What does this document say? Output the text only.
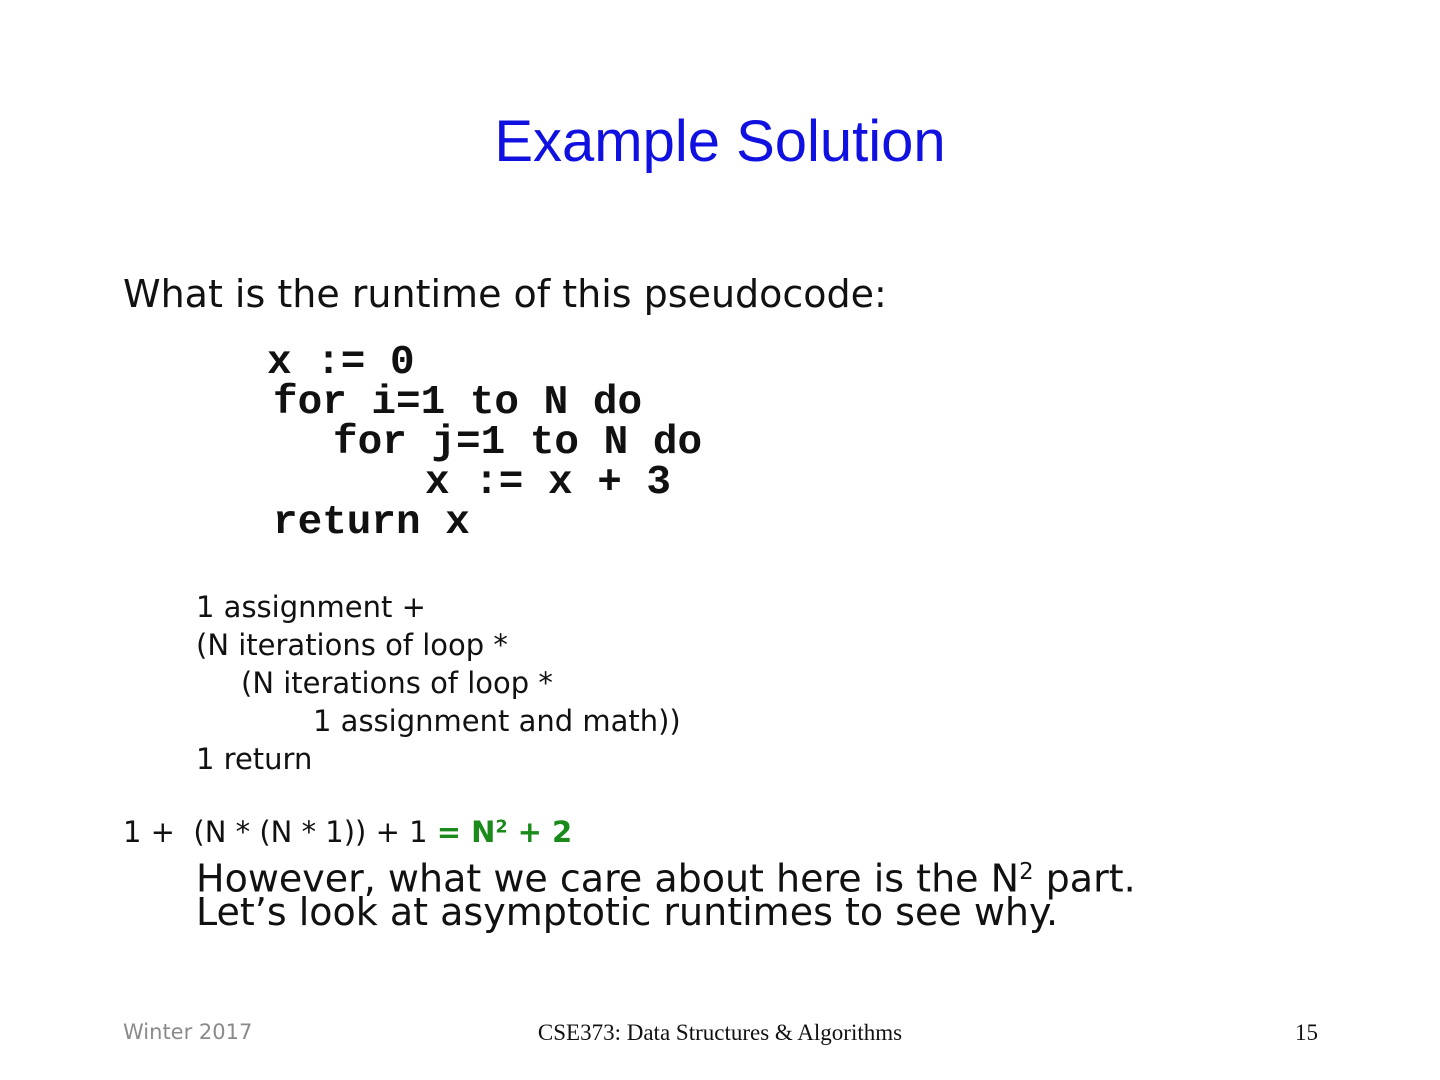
Example Solution
What is the runtime of this pseudocode:
x := 0
for i=1 to N do
for j=1 to N do
x := x + 3
return x
1 assignment +
(N iterations of loop *
(N iterations of loop *
1 assignment and math))
1 return
$1 + (N * (N * 1)) + 1 = N^2 + 2$
However, what we care about here is the $N^2$ part.
Let’s look at asymptotic runtimes to see why.
Winter 2017	CSE373: Data Structures & Algorithms	15
